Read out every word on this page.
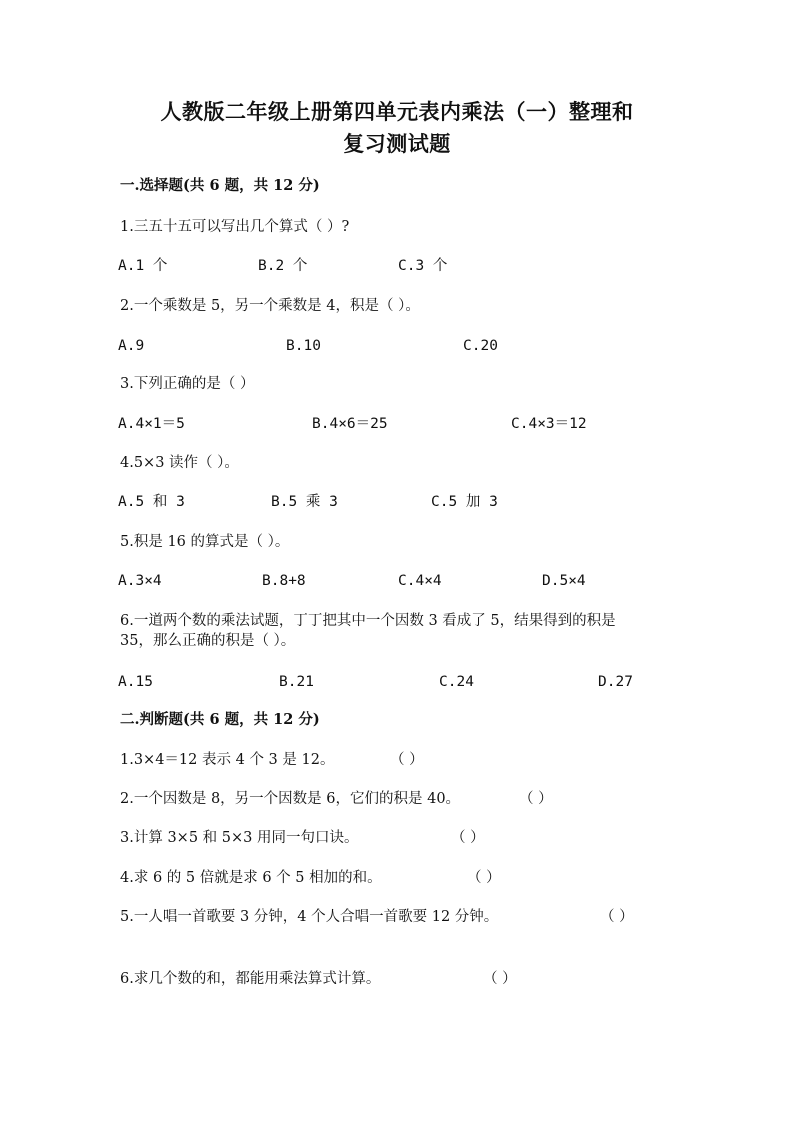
人教版二年级上册第四单元表内乘法（一）整理和
复习测试题
一.选择题(共 6 题，共 12 分)
1.三五十五可以写出几个算式（ ）?
A.1 个	B.2 个	C.3 个
2.一个乘数是 5，另一个乘数是 4，积是（ ）。
A.9	B.10	C.20
3.下列正确的是（ ）
A.4×1＝5	B.4×6＝25	C.4×3＝12
4.5×3 读作（ ）。
A.5 和 3	B.5 乘 3	C.5 加 3
5.积是 16 的算式是（ ）。
A.3×4	B.8+8	C.4×4	D.5×4
6.一道两个数的乘法试题，丁丁把其中一个因数 3 看成了 5，结果得到的积是
35，那么正确的积是（ ）。
A.15	B.21	C.24	D.27
二.判断题(共 6 题，共 12 分)
1.3×4＝12 表示 4 个 3 是 12。	（ ）
2.一个因数是 8，另一个因数是 6，它们的积是 40。	（ ）
3.计算 3×5 和 5×3 用同一句口诀。	（ ）
4.求 6 的 5 倍就是求 6 个 5 相加的和。	（ ）
5.一人唱一首歌要 3 分钟，4 个人合唱一首歌要 12 分钟。	（ ）
6.求几个数的和，都能用乘法算式计算。	（ ）
